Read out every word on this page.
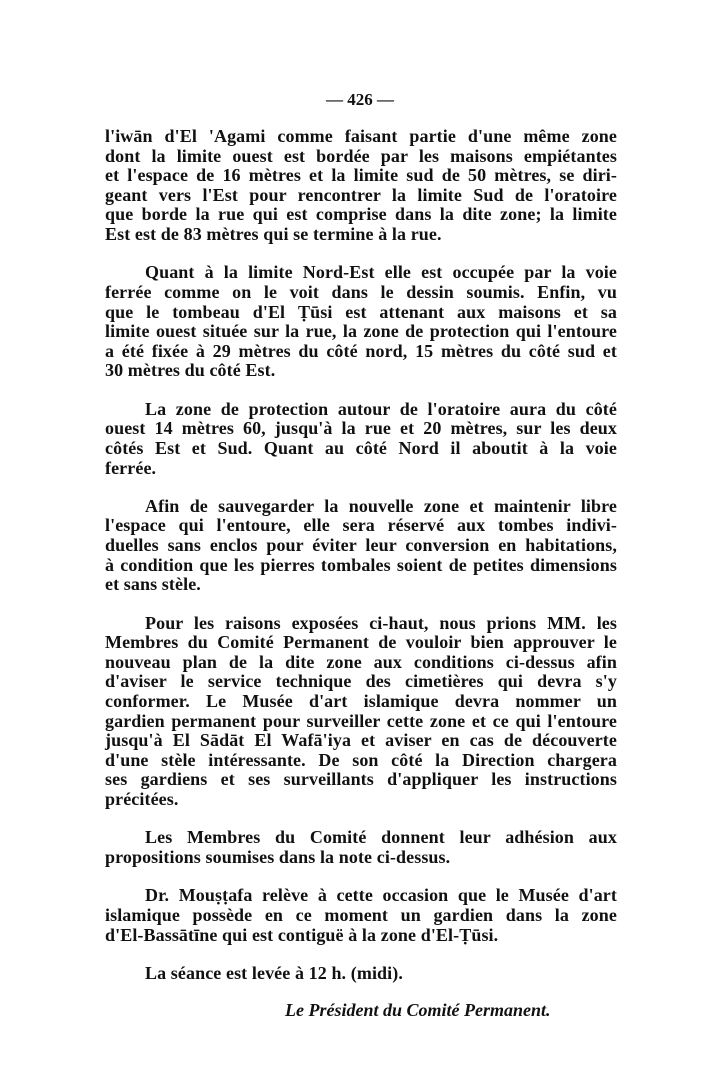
— 426 —
l'iwān d'El 'Agami comme faisant partie d'une même zone
dont la limite ouest est bordée par les maisons empiétantes
et l'espace de 16 mètres et la limite sud de 50 mètres, se diri-
geant vers l'Est pour rencontrer la limite Sud de l'oratoire
que borde la rue qui est comprise dans la dite zone; la limite
Est est de 83 mètres qui se termine à la rue.
Quant à la limite Nord-Est elle est occupée par la voie
ferrée comme on le voit dans le dessin soumis. Enfin, vu
que le tombeau d'El Ṭūsi est attenant aux maisons et sa
limite ouest située sur la rue, la zone de protection qui l'entoure
a été fixée à 29 mètres du côté nord, 15 mètres du côté sud et
30 mètres du côté Est.
La zone de protection autour de l'oratoire aura du côté
ouest 14 mètres 60, jusqu'à la rue et 20 mètres, sur les deux
côtés Est et Sud. Quant au côté Nord il aboutit à la voie
ferrée.
Afin de sauvegarder la nouvelle zone et maintenir libre
l'espace qui l'entoure, elle sera réservé aux tombes indivi-
duelles sans enclos pour éviter leur conversion en habitations,
à condition que les pierres tombales soient de petites dimensions
et sans stèle.
Pour les raisons exposées ci-haut, nous prions MM. les
Membres du Comité Permanent de vouloir bien approuver le
nouveau plan de la dite zone aux conditions ci-dessus afin
d'aviser le service technique des cimetières qui devra s'y
conformer. Le Musée d'art islamique devra nommer un
gardien permanent pour surveiller cette zone et ce qui l'entoure
jusqu'à El Sādāt El Wafā'iya et aviser en cas de découverte
d'une stèle intéressante. De son côté la Direction chargera
ses gardiens et ses surveillants d'appliquer les instructions
précitées.
Les Membres du Comité donnent leur adhésion aux
propositions soumises dans la note ci-dessus.
Dr. Mouṣṭafa relève à cette occasion que le Musée d'art
islamique possède en ce moment un gardien dans la zone
d'El-Bassātīne qui est contiguë à la zone d'El-Ṭūsi.
La séance est levée à 12 h. (midi).
Le Président du Comité Permanent.
